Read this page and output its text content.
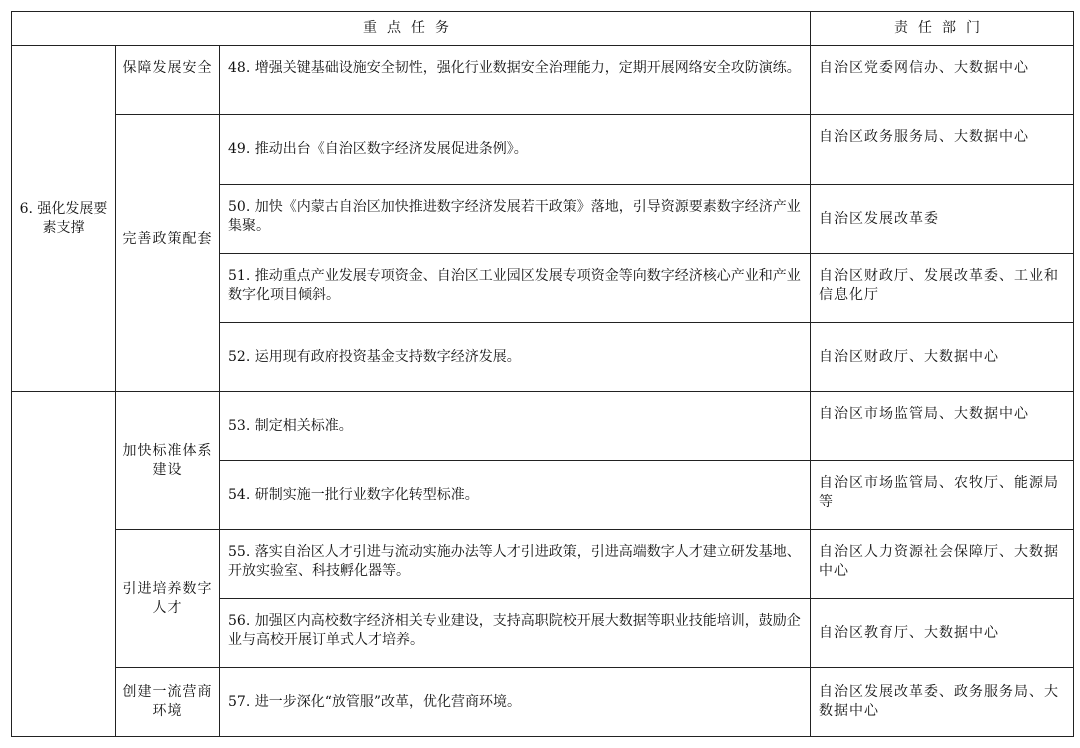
重点任务			责任部门
6. 强化发展要素支撑	保障发展安全	48. 增强关键基础设施安全韧性，强化行业数据安全治理能力，定期开展网络安全攻防演练。	自治区党委网信办、大数据中心
	完善政策配套	49. 推动出台《自治区数字经济发展促进条例》。	自治区政务服务局、大数据中心
		50. 加快《内蒙古自治区加快推进数字经济发展若干政策》落地，引导资源要素数字经济产业集聚。	自治区发展改革委
		51. 推动重点产业发展专项资金、自治区工业园区发展专项资金等向数字经济核心产业和产业数字化项目倾斜。	自治区财政厅、发展改革委、工业和信息化厅
		52. 运用现有政府投资基金支持数字经济发展。	自治区财政厅、大数据中心
	加快标准体系建设	53. 制定相关标准。	自治区市场监管局、大数据中心
		54. 研制实施一批行业数字化转型标准。	自治区市场监管局、农牧厅、能源局等
	引进培养数字人才	55. 落实自治区人才引进与流动实施办法等人才引进政策，引进高端数字人才建立研发基地、开放实验室、科技孵化器等。	自治区人力资源社会保障厅、大数据中心
		56. 加强区内高校数字经济相关专业建设，支持高职院校开展大数据等职业技能培训，鼓励企业与高校开展订单式人才培养。	自治区教育厅、大数据中心
	创建一流营商环境	57. 进一步深化“放管服”改革，优化营商环境。	自治区发展改革委、政务服务局、大数据中心
